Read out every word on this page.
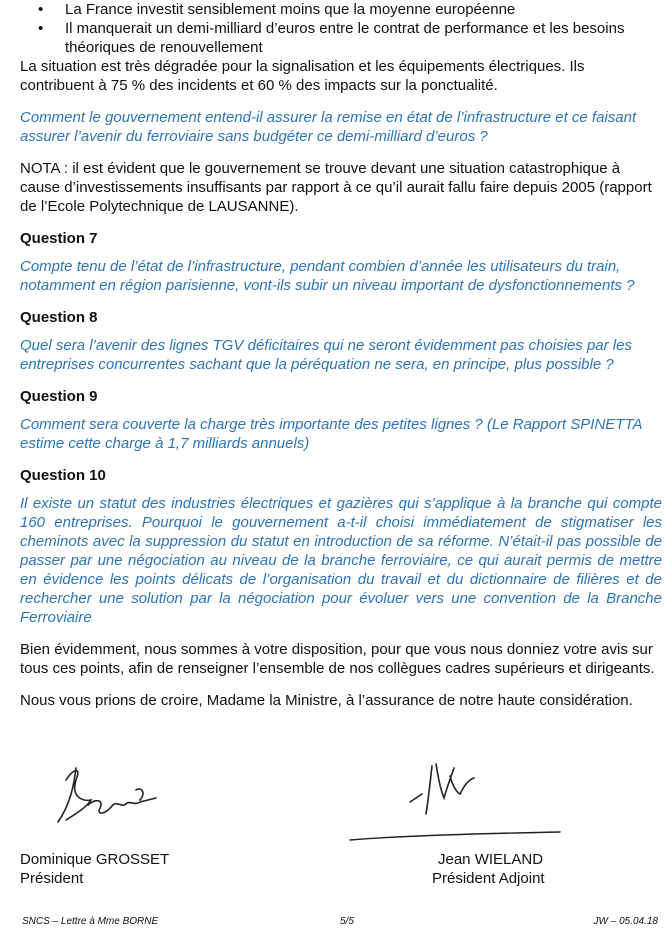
• La France investit sensiblement moins que la moyenne européenne
• Il manquerait un demi-milliard d’euros entre le contrat de performance et les besoins théoriques de renouvellement

La situation est très dégradée pour la signalisation et les équipements électriques. Ils contribuent à 75 % des incidents et 60 % des impacts sur la ponctualité.

Comment le gouvernement entend-il assurer la remise en état de l’infrastructure et ce faisant assurer l’avenir du ferroviaire sans budgéter ce demi-milliard d’euros ?

NOTA : il est évident que le gouvernement se trouve devant une situation catastrophique à cause d’investissements insuffisants par rapport à ce qu’il aurait fallu faire depuis 2005 (rapport de l’Ecole Polytechnique de LAUSANNE).

Question 7

Compte tenu de l’état de l’infrastructure, pendant combien d’année les utilisateurs du train, notamment en région parisienne, vont-ils subir un niveau important de dysfonctionnements ?

Question 8

Quel sera l’avenir des lignes TGV déficitaires qui ne seront évidemment pas choisies par les entreprises concurrentes sachant que la péréquation ne sera, en principe, plus possible ?

Question 9

Comment sera couverte la charge très importante des petites lignes ? (Le Rapport SPINETTA estime cette charge à 1,7 milliards annuels)

Question 10

Il existe un statut des industries électriques et gazières qui s’applique à la branche qui compte 160 entreprises. Pourquoi le gouvernement a-t-il choisi immédiatement de stigmatiser les cheminots avec la suppression du statut en introduction de sa réforme. N’était-il pas possible de passer par une négociation au niveau de la branche ferroviaire, ce qui aurait permis de mettre en évidence les points délicats de l’organisation du travail et du dictionnaire de filières et de rechercher une solution par la négociation pour évoluer vers une convention de la Branche Ferroviaire

Bien évidemment, nous sommes à votre disposition, pour que vous nous donniez votre avis sur tous ces points, afin de renseigner l’ensemble de nos collègues cadres supérieurs et dirigeants.

Nous vous prions de croire, Madame la Ministre, à l’assurance de notre haute considération.

Dominique GROSSET
Président
Jean WIELAND
Président Adjoint
SNCS – Lettre à Mme BORNE	5/5	JW – 05.04.18
